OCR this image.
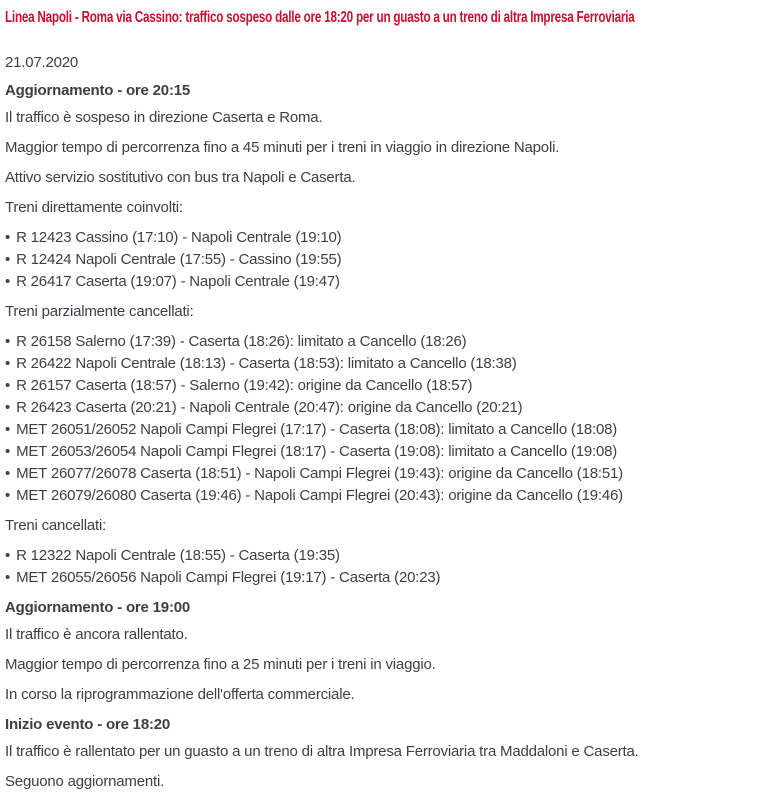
Linea Napoli - Roma via Cassino: traffico sospeso dalle ore 18:20 per un guasto a un treno di altra Impresa Ferroviaria

21.07.2020

Aggiornamento - ore 20:15

Il traffico è sospeso in direzione Caserta e Roma.

Maggior tempo di percorrenza fino a 45 minuti per i treni in viaggio in direzione Napoli.

Attivo servizio sostitutivo con bus tra Napoli e Caserta.

Treni direttamente coinvolti:

• R 12423 Cassino (17:10) - Napoli Centrale (19:10)
• R 12424 Napoli Centrale (17:55) - Cassino (19:55)
• R 26417 Caserta (19:07) - Napoli Centrale (19:47)

Treni parzialmente cancellati:

• R 26158 Salerno (17:39) - Caserta (18:26): limitato a Cancello (18:26)
• R 26422 Napoli Centrale (18:13) - Caserta (18:53): limitato a Cancello (18:38)
• R 26157 Caserta (18:57) - Salerno (19:42): origine da Cancello (18:57)
• R 26423 Caserta (20:21) - Napoli Centrale (20:47): origine da Cancello (20:21)
• MET 26051/26052 Napoli Campi Flegrei (17:17) - Caserta (18:08): limitato a Cancello (18:08)
• MET 26053/26054 Napoli Campi Flegrei (18:17) - Caserta (19:08): limitato a Cancello (19:08)
• MET 26077/26078 Caserta (18:51) - Napoli Campi Flegrei (19:43): origine da Cancello (18:51)
• MET 26079/26080 Caserta (19:46) - Napoli Campi Flegrei (20:43): origine da Cancello (19:46)

Treni cancellati:

• R 12322 Napoli Centrale (18:55) - Caserta (19:35)
• MET 26055/26056 Napoli Campi Flegrei (19:17) - Caserta (20:23)
Aggiornamento - ore 19:00

Il traffico è ancora rallentato.

Maggior tempo di percorrenza fino a 25 minuti per i treni in viaggio.

In corso la riprogrammazione dell'offerta commerciale.

Inizio evento - ore 18:20

Il traffico è rallentato per un guasto a un treno di altra Impresa Ferroviaria tra Maddaloni e Caserta.

Seguono aggiornamenti.
